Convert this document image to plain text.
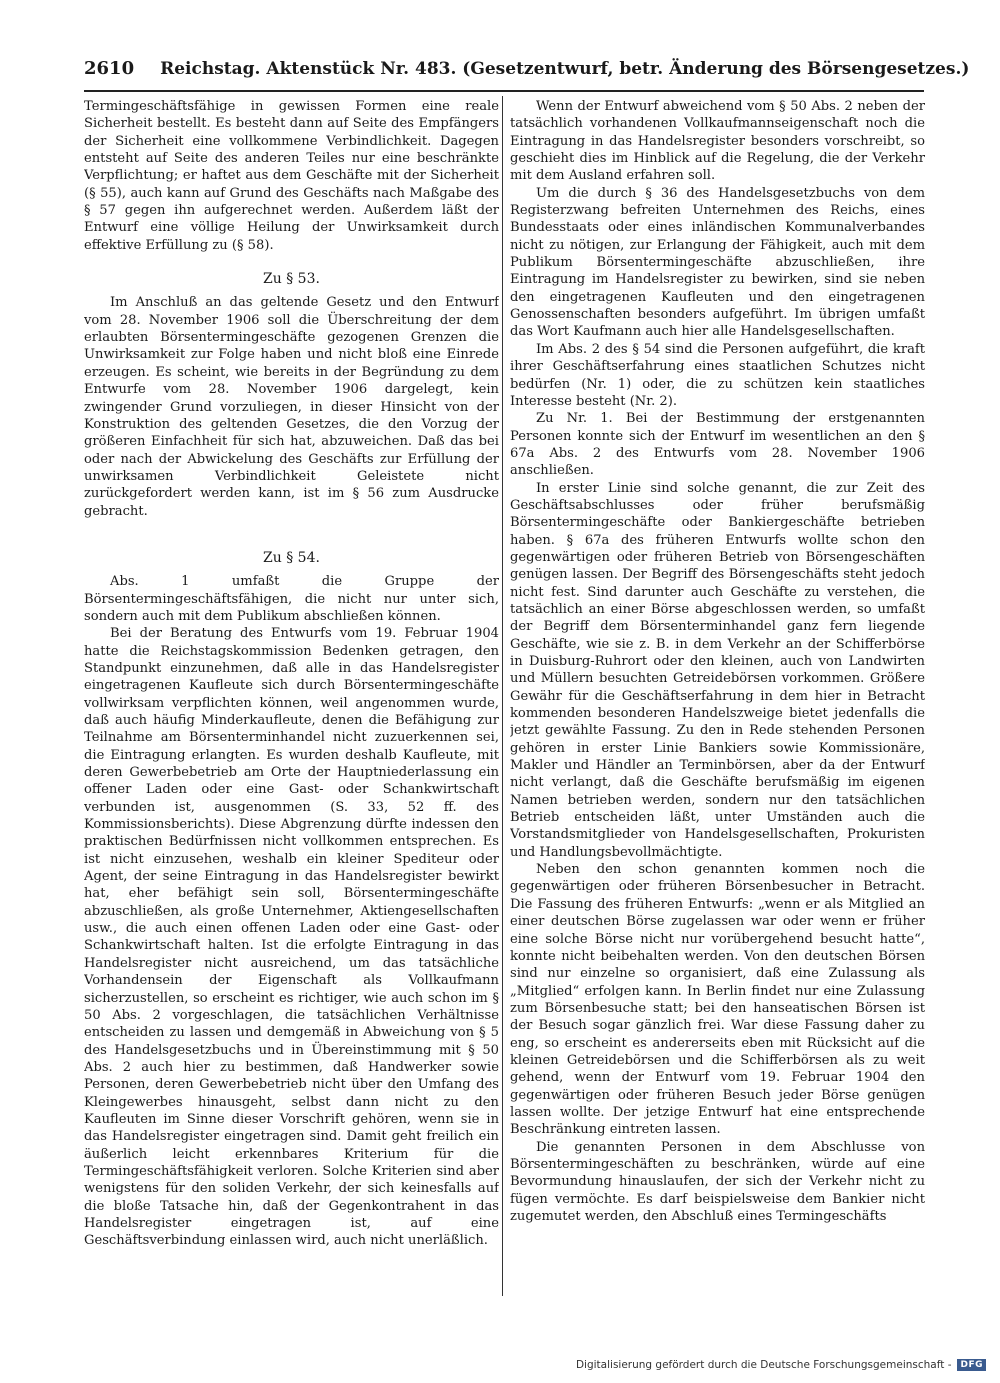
2610 Reichstag. Aktenstück Nr. 483. (Gesetzentwurf, betr. Änderung des Börsengesetzes.)

Termingeschäftsfähige in gewissen Formen eine reale Sicherheit bestellt. Es besteht dann auf Seite des Empfängers der Sicherheit eine vollkommene Verbindlichkeit. Dagegen entsteht auf Seite des anderen Teiles nur eine beschränkte Verpflichtung; er haftet aus dem Geschäfte mit der Sicherheit (§ 55), auch kann auf Grund des Geschäfts nach Maßgabe des § 57 gegen ihn aufgerechnet werden. Außerdem läßt der Entwurf eine völlige Heilung der Unwirksamkeit durch effektive Erfüllung zu (§ 58).

Zu § 53.

Im Anschluß an das geltende Gesetz und den Entwurf vom 28. November 1906 soll die Überschreitung der dem erlaubten Börsentermingeschäfte gezogenen Grenzen die Unwirksamkeit zur Folge haben und nicht bloß eine Einrede erzeugen. Es scheint, wie bereits in der Begründung zu dem Entwurfe vom 28. November 1906 dargelegt, kein zwingender Grund vorzuliegen, in dieser Hinsicht von der Konstruktion des geltenden Gesetzes, die den Vorzug der größeren Einfachheit für sich hat, abzuweichen. Daß das bei oder nach der Abwickelung des Geschäfts zur Erfüllung der unwirksamen Verbindlichkeit Geleistete nicht zurückgefordert werden kann, ist im § 56 zum Ausdrucke gebracht.

Zu § 54.

Abs. 1 umfaßt die Gruppe der Börsentermingeschäftsfähigen, die nicht nur unter sich, sondern auch mit dem Publikum abschließen können.

Bei der Beratung des Entwurfs vom 19. Februar 1904 hatte die Reichstagskommission Bedenken getragen, den Standpunkt einzunehmen, daß alle in das Handelsregister eingetragenen Kaufleute sich durch Börsentermingeschäfte vollwirksam verpflichten können, weil angenommen wurde, daß auch häufig Minderkaufleute, denen die Befähigung zur Teilnahme am Börsenterminhandel nicht zuzuerkennen sei, die Eintragung erlangten. Es wurden deshalb Kaufleute, mit deren Gewerbebetrieb am Orte der Hauptniederlassung ein offener Laden oder eine Gast- oder Schankwirtschaft verbunden ist, ausgenommen (S. 33, 52 ff. des Kommissionsberichts). Diese Abgrenzung dürfte indessen den praktischen Bedürfnissen nicht vollkommen entsprechen. Es ist nicht einzusehen, weshalb ein kleiner Spediteur oder Agent, der seine Eintragung in das Handelsregister bewirkt hat, eher befähigt sein soll, Börsentermingeschäfte abzuschließen, als große Unternehmer, Aktiengesellschaften usw., die auch einen offenen Laden oder eine Gast- oder Schankwirtschaft halten. Ist die erfolgte Eintragung in das Handelsregister nicht ausreichend, um das tatsächliche Vorhandensein der Eigenschaft als Vollkaufmann sicherzustellen, so erscheint es richtiger, wie auch schon im § 50 Abs. 2 vorgeschlagen, die tatsächlichen Verhältnisse entscheiden zu lassen und demgemäß in Abweichung von § 5 des Handelsgesetzbuchs und in Übereinstimmung mit § 50 Abs. 2 auch hier zu bestimmen, daß Handwerker sowie Personen, deren Gewerbebetrieb nicht über den Umfang des Kleingewerbes hinausgeht, selbst dann nicht zu den Kaufleuten im Sinne dieser Vorschrift gehören, wenn sie in das Handelsregister eingetragen sind. Damit geht freilich ein äußerlich leicht erkennbares Kriterium für die Termingeschäftsfähigkeit verloren. Solche Kriterien sind aber wenigstens für den soliden Verkehr, der sich keinesfalls auf die bloße Tatsache hin, daß der Gegenkontrahent in das Handelsregister eingetragen ist, auf eine Geschäftsverbindung einlassen wird, auch nicht unerläßlich.

Wenn der Entwurf abweichend vom § 50 Abs. 2 neben der tatsächlich vorhandenen Vollkaufmannseigenschaft noch die Eintragung in das Handelsregister besonders vorschreibt, so geschieht dies im Hinblick auf die Regelung, die der Verkehr mit dem Ausland erfahren soll.

Um die durch § 36 des Handelsgesetzbuchs von dem Registerzwang befreiten Unternehmen des Reichs, eines Bundesstaats oder eines inländischen Kommunalverbandes nicht zu nötigen, zur Erlangung der Fähigkeit, auch mit dem Publikum Börsentermingeschäfte abzuschließen, ihre Eintragung im Handelsregister zu bewirken, sind sie neben den eingetragenen Kaufleuten und den eingetragenen Genossenschaften besonders aufgeführt. Im übrigen umfaßt das Wort Kaufmann auch hier alle Handelsgesellschaften.

Im Abs. 2 des § 54 sind die Personen aufgeführt, die kraft ihrer Geschäftserfahrung eines staatlichen Schutzes nicht bedürfen (Nr. 1) oder, die zu schützen kein staatliches Interesse besteht (Nr. 2).

Zu Nr. 1. Bei der Bestimmung der erstgenannten Personen konnte sich der Entwurf im wesentlichen an den § 67a Abs. 2 des Entwurfs vom 28. November 1906 anschließen.

In erster Linie sind solche genannt, die zur Zeit des Geschäftsabschlusses oder früher berufsmäßig Börsentermingeschäfte oder Bankiergeschäfte betrieben haben. § 67a des früheren Entwurfs wollte schon den gegenwärtigen oder früheren Betrieb von Börsengeschäften genügen lassen. Der Begriff des Börsengeschäfts steht jedoch nicht fest. Sind darunter auch Geschäfte zu verstehen, die tatsächlich an einer Börse abgeschlossen werden, so umfaßt der Begriff dem Börsenterminhandel ganz fern liegende Geschäfte, wie sie z. B. in dem Verkehr an der Schifferbörse in Duisburg-Ruhrort oder den kleinen, auch von Landwirten und Müllern besuchten Getreidebörsen vorkommen. Größere Gewähr für die Geschäftserfahrung in dem hier in Betracht kommenden besonderen Handelszweige bietet jedenfalls die jetzt gewählte Fassung. Zu den in Rede stehenden Personen gehören in erster Linie Bankiers sowie Kommissionäre, Makler und Händler an Terminbörsen, aber da der Entwurf nicht verlangt, daß die Geschäfte berufsmäßig im eigenen Namen betrieben werden, sondern nur den tatsächlichen Betrieb entscheiden läßt, unter Umständen auch die Vorstandsmitglieder von Handelsgesellschaften, Prokuristen und Handlungsbevollmächtigte.

Neben den schon genannten kommen noch die gegenwärtigen oder früheren Börsenbesucher in Betracht. Die Fassung des früheren Entwurfs: „wenn er als Mitglied an einer deutschen Börse zugelassen war oder wenn er früher eine solche Börse nicht nur vorübergehend besucht hatte“, konnte nicht beibehalten werden. Von den deutschen Börsen sind nur einzelne so organisiert, daß eine Zulassung als „Mitglied“ erfolgen kann. In Berlin findet nur eine Zulassung zum Börsenbesuche statt; bei den hanseatischen Börsen ist der Besuch sogar gänzlich frei. War diese Fassung daher zu eng, so erscheint es andererseits eben mit Rücksicht auf die kleinen Getreidebörsen und die Schifferbörsen als zu weit gehend, wenn der Entwurf vom 19. Februar 1904 den gegenwärtigen oder früheren Besuch jeder Börse genügen lassen wollte. Der jetzige Entwurf hat eine entsprechende Beschränkung eintreten lassen.

Die genannten Personen in dem Abschlusse von Börsentermingeschäften zu beschränken, würde auf eine Bevormundung hinauslaufen, der sich der Verkehr nicht zu fügen vermöchte. Es darf beispielsweise dem Bankier nicht zugemutet werden, den Abschluß eines Termingeschäfts

Digitalisierung gefördert durch die Deutsche Forschungsgemeinschaft -	DFG
